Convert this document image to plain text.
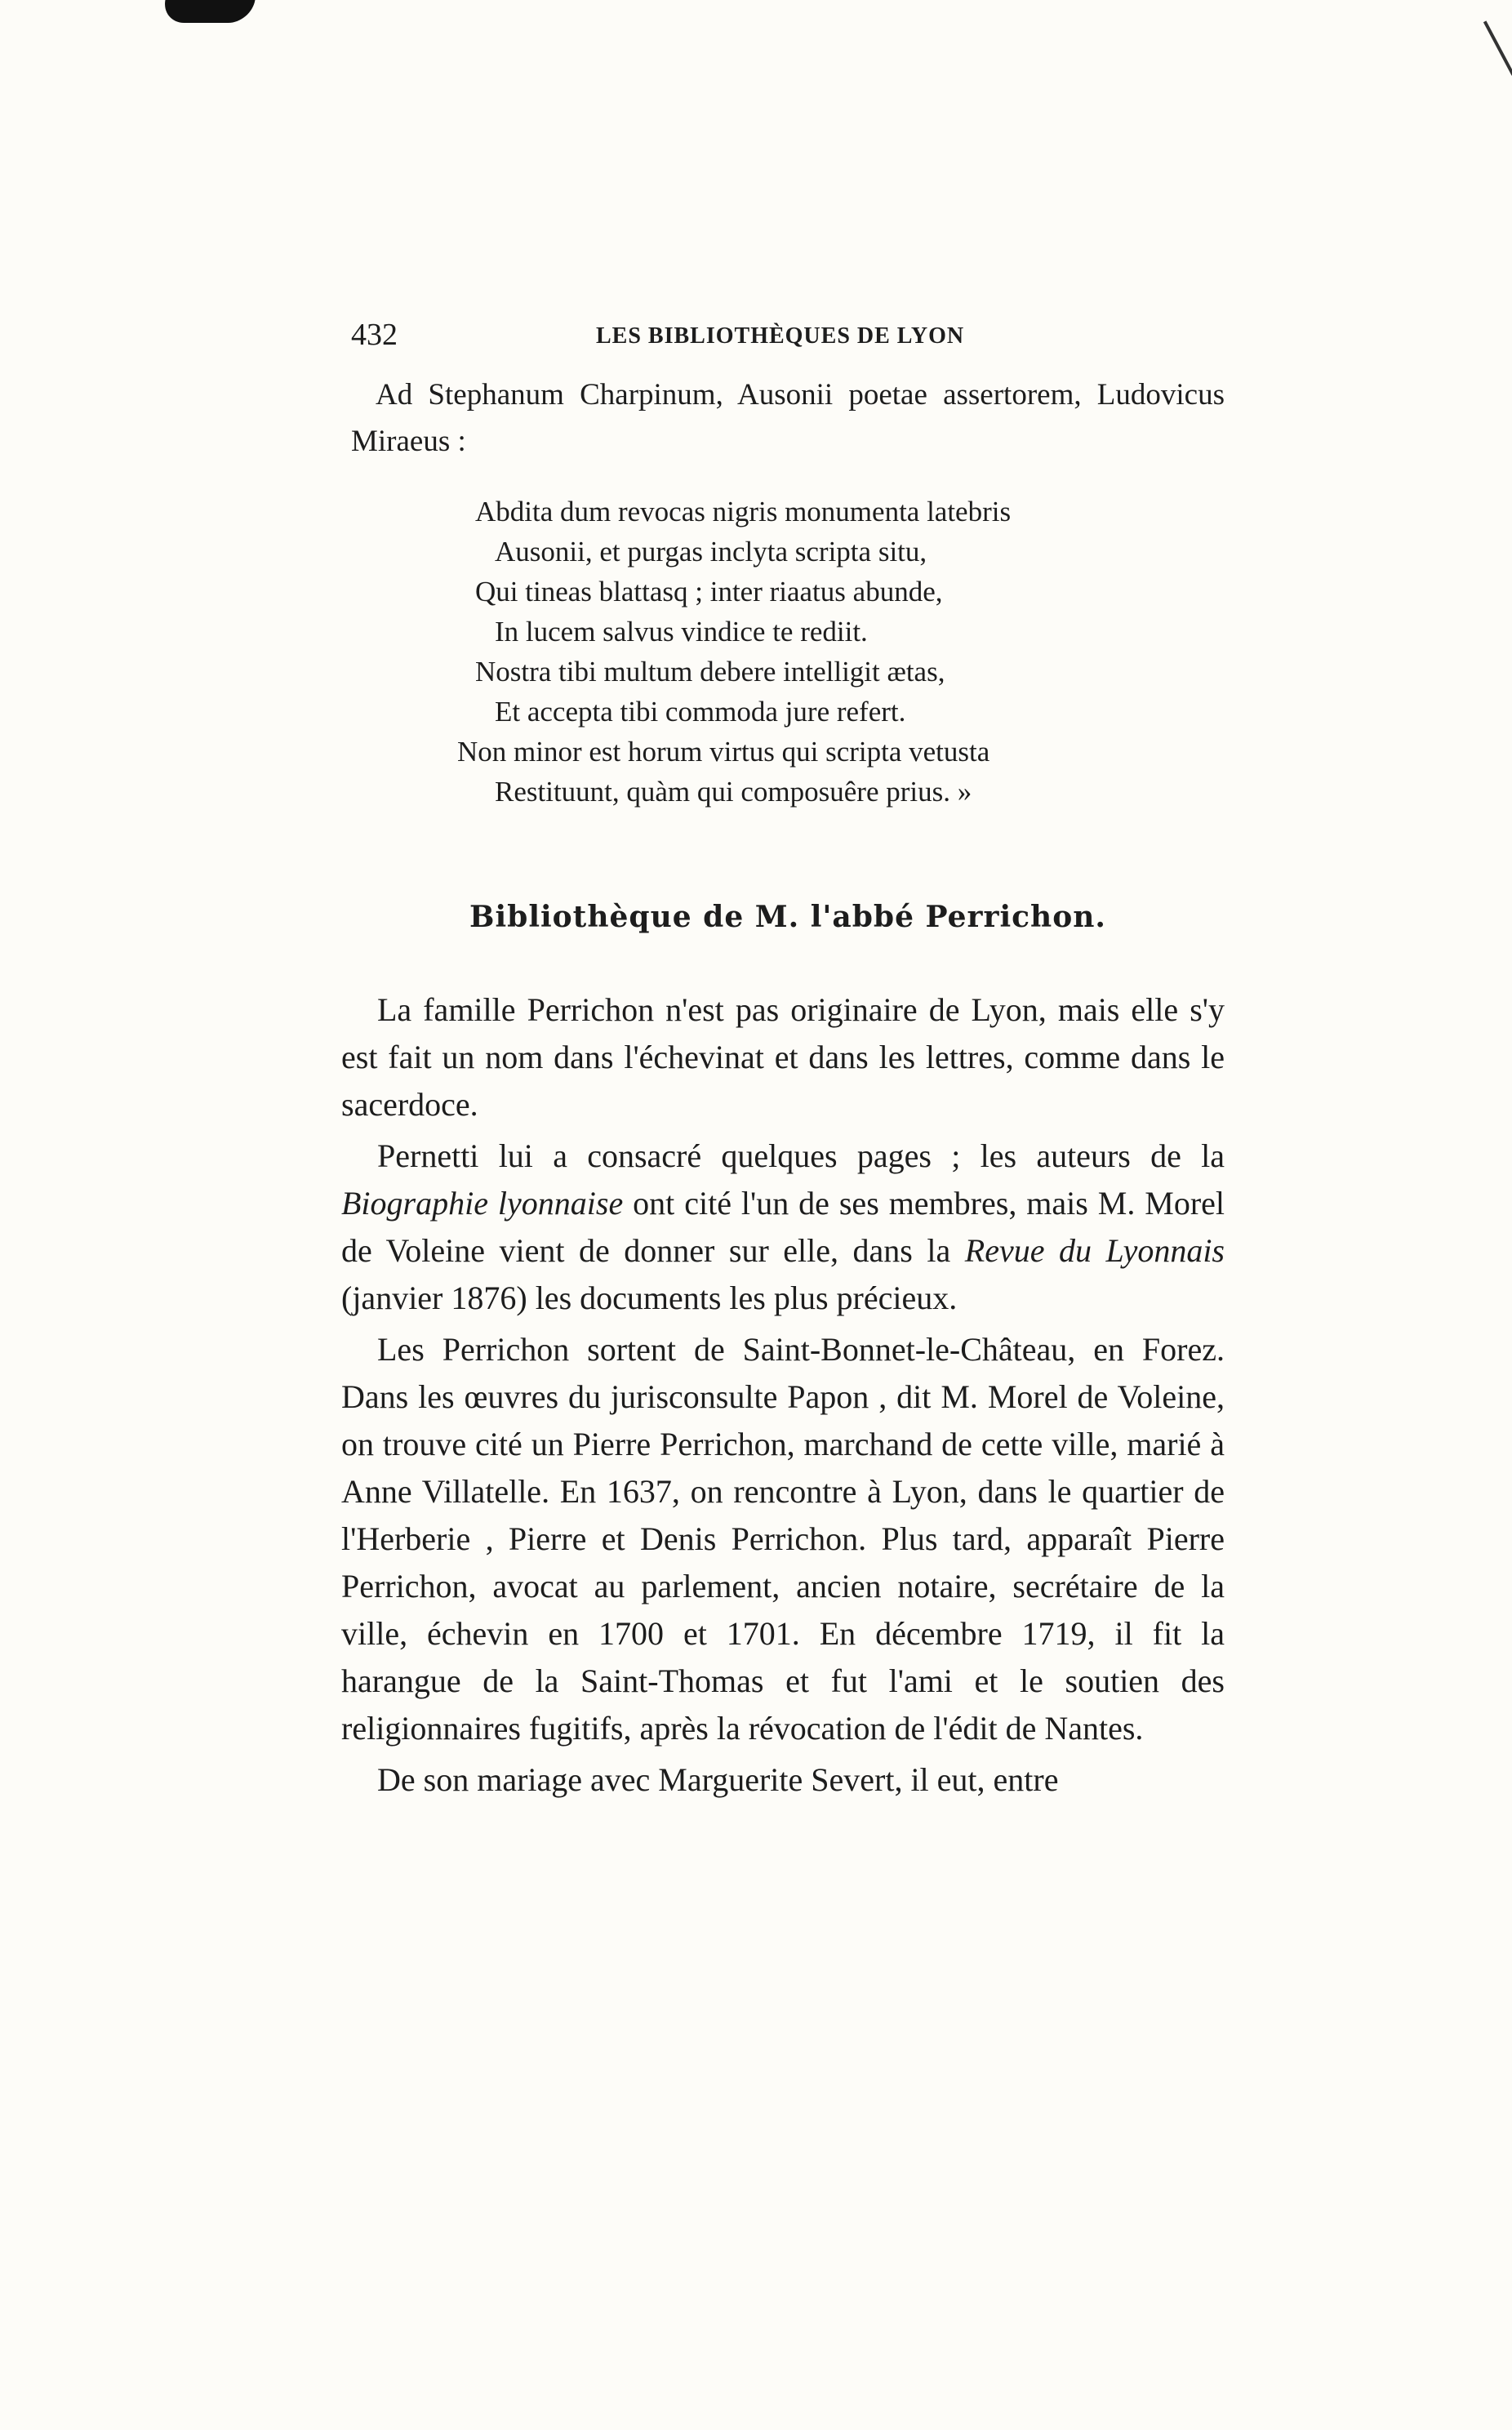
432	LES BIBLIOTHÈQUES DE LYON

Ad Stephanum Charpinum, Ausonii poetae assertorem, Ludovicus Miraeus :

Abdita dum revocas nigris monumenta latebris
Ausonii, et purgas inclyta scripta situ,
Qui tineas blattasq ; inter riaatus abunde,
In lucem salvus vindice te rediit.
Nostra tibi multum debere intelligit ætas,
Et accepta tibi commoda jure refert.
Non minor est horum virtus qui scripta vetusta
Restituunt, quàm qui composuêre prius. »
Bibliothèque de M. l'abbé Perrichon.

La famille Perrichon n'est pas originaire de Lyon, mais elle s'y est fait un nom dans l'échevinat et dans les lettres, comme dans le sacerdoce.

Pernetti lui a consacré quelques pages ; les auteurs de la Biographie lyonnaise ont cité l'un de ses membres, mais M. Morel de Voleine vient de donner sur elle, dans la Revue du Lyonnais (janvier 1876) les documents les plus précieux.

Les Perrichon sortent de Saint-Bonnet-le-Château, en Forez. Dans les œuvres du jurisconsulte Papon , dit M. Morel de Voleine, on trouve cité un Pierre Perrichon, marchand de cette ville, marié à Anne Villatelle. En 1637, on rencontre à Lyon, dans le quartier de l'Herberie , Pierre et Denis Perrichon. Plus tard, apparaît Pierre Perrichon, avocat au parlement, ancien notaire, secrétaire de la ville, échevin en 1700 et 1701. En décembre 1719, il fit la harangue de la Saint-Thomas et fut l'ami et le soutien des religionnaires fugitifs, après la révocation de l'édit de Nantes.

De son mariage avec Marguerite Severt, il eut, entre
